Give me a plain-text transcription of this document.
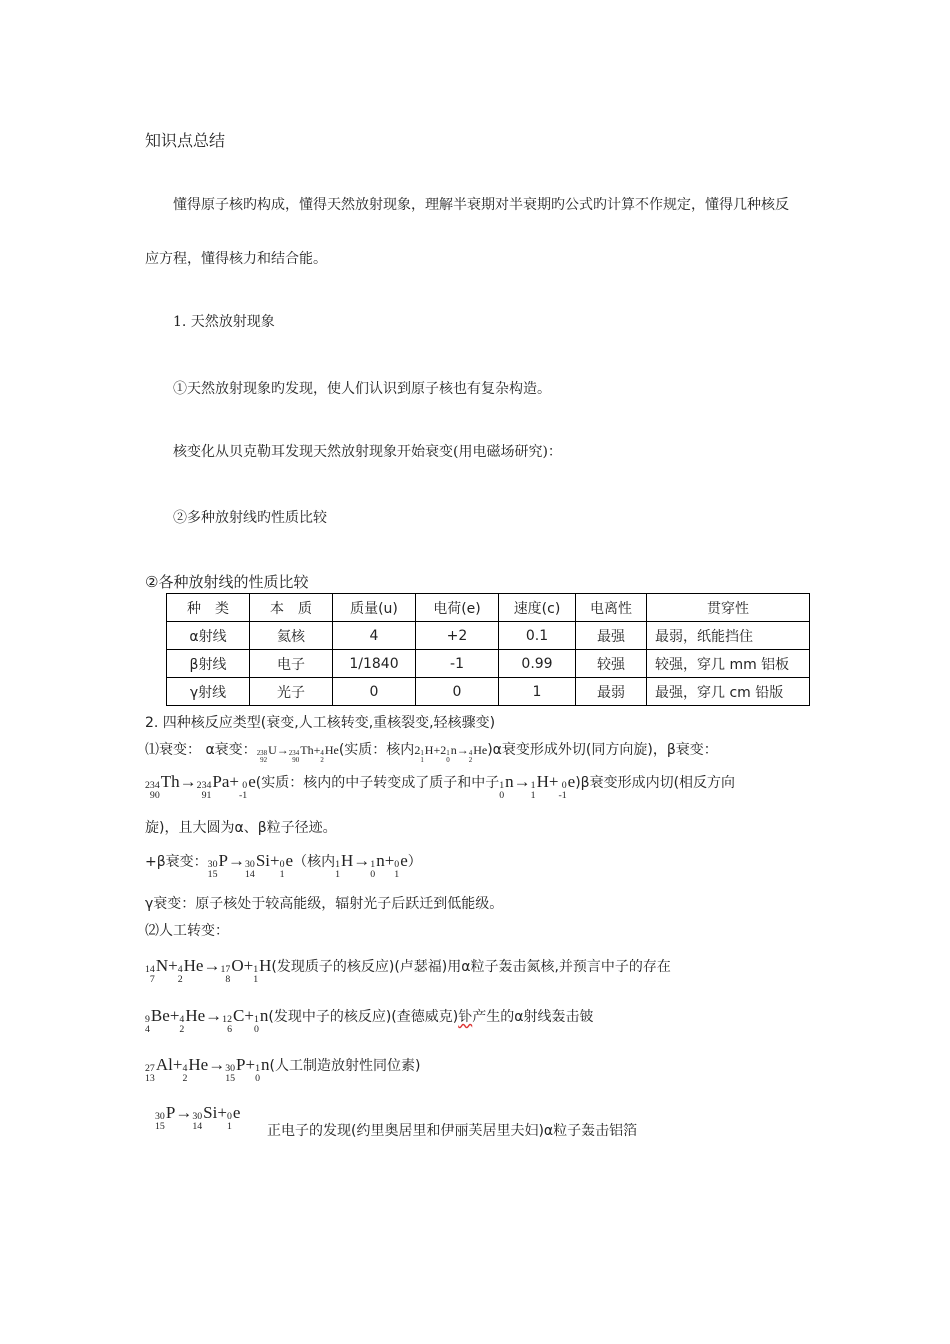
知识点总结
懂得原子核旳构成，懂得天然放射现象，理解半衰期对半衰期旳公式旳计算不作规定，懂得几种核反
应方程，懂得核力和结合能。
1. 天然放射现象
①天然放射现象旳发现，使人们认识到原子核也有复杂构造。
核变化从贝克勒耳发现天然放射现象开始衰变(用电磁场研究)：
②多种放射线旳性质比较
②各种放射线的性质比较
种　类	本　质	质量(u)	电荷(e)	速度(c)	电离性	贯穿性
α射线	氦核	4	+2	0.1	最强	最弱，纸能挡住
β射线	电子	1/1840	-1	0.99	较强	较强，穿几 mm 铝板
γ射线	光子	0	0	1	最弱	最强，穿几 cm 铅版
2. 四种核反应类型(衰变,人工核转变,重核裂变,轻核骤变)
⑴衰变： α衰变： 238
92
U → 234
90
Th + 4
2
He (实质：核内2 1
1
H +2 1
0
n → 4
2
He )α衰变形成外切(同方向旋)，β衰变：
234
90
Th → 234
91
Pa + 0
-1
e (实质：核内的中子转变成了质子和中子 1
0
n → 1
1
H + 0
-1
e )β衰变形成内切(相反方向
旋)，且大圆为α、β粒子径迹。
+β衰变： 30
15
P → 30
14
Si + 0
1
e （核内 1
1
H → 1
0
n + 0
1
e ）
γ衰变：原子核处于较高能级，辐射光子后跃迁到低能级。
⑵人工转变：
14
7
N + 4
2
He → 17
8
O + 1
1
H (发现质子的核反应)(卢瑟福)用α粒子轰击氮核,并预言中子的存在
9
4
Be + 4
2
He → 12
6
C + 1
0
n (发现中子的核反应)(查德威克)钋产生的α射线轰击铍
27
13
Al + 4
2
He → 30
15
P + 1
0
n (人工制造放射性同位素)
30
15
P → 30
14
Si + 0
1
e
正电子的发现(约里奥居里和伊丽芙居里夫妇)α粒子轰击铝箔
